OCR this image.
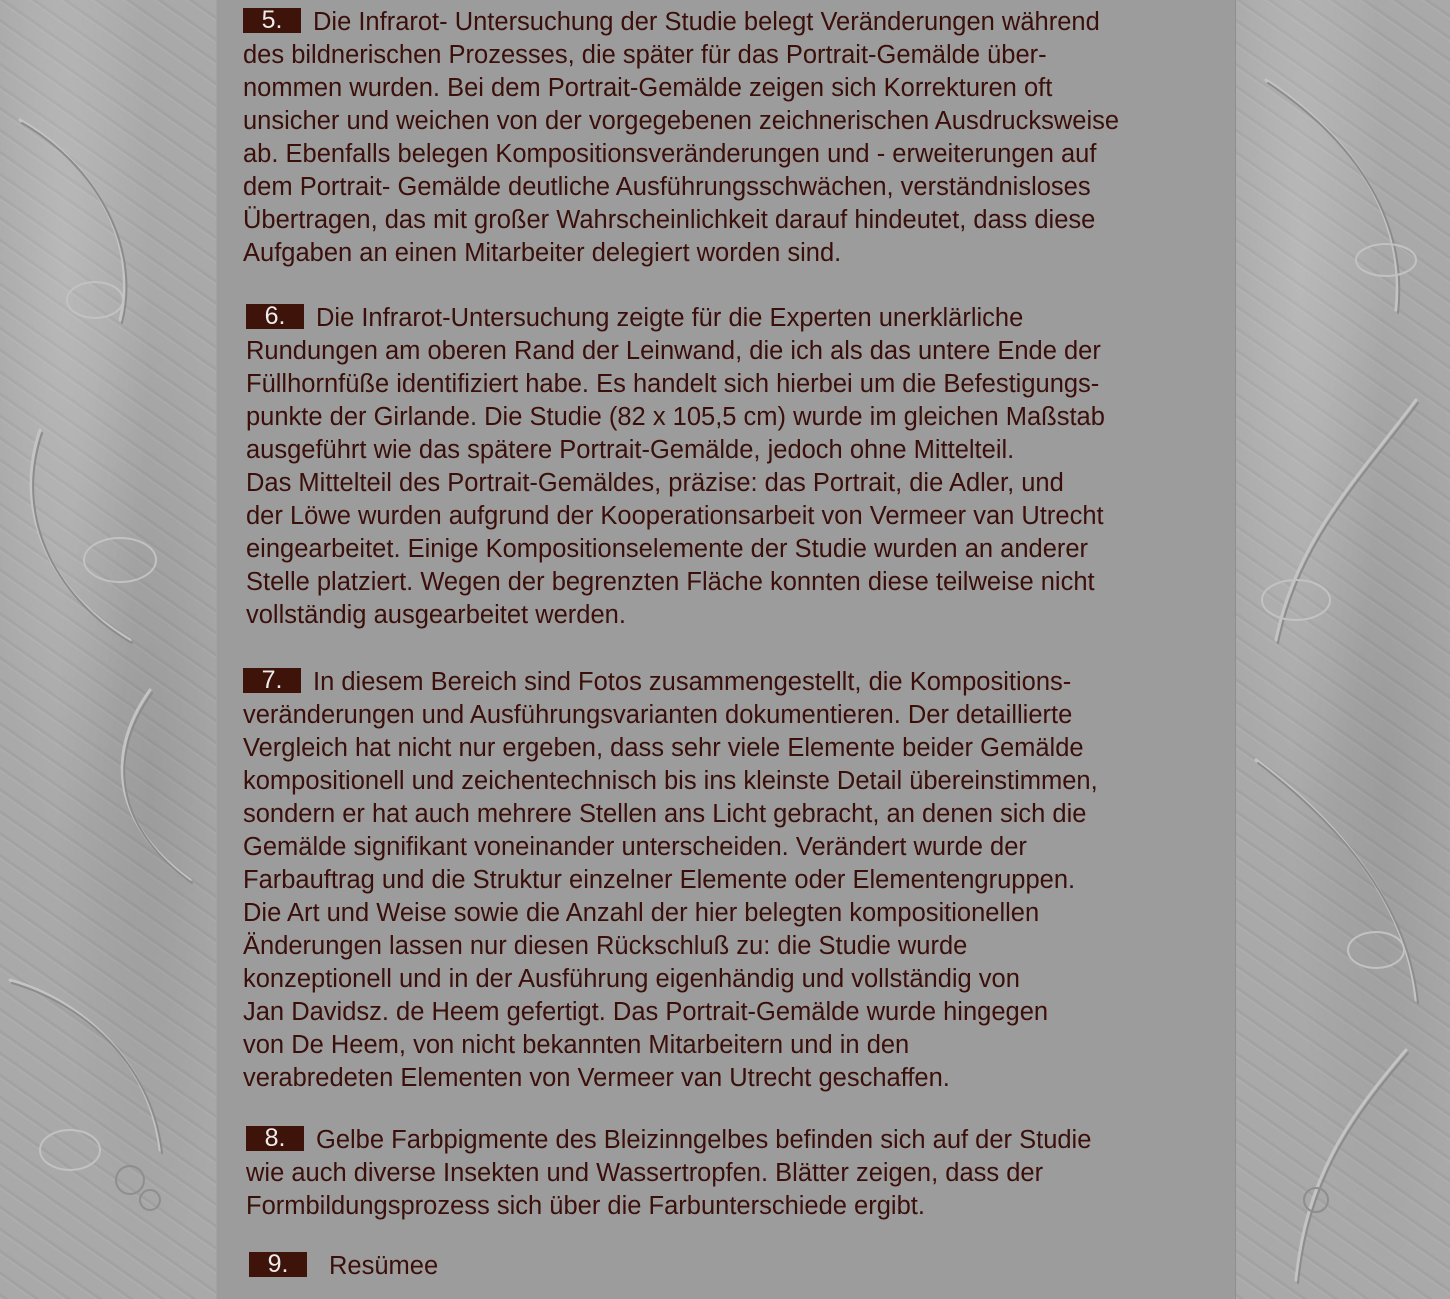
5. Die Infrarot- Untersuchung der Studie belegt Veränderungen während
des bildnerischen Prozesses, die später für das Portrait-Gemälde über-
nommen wurden. Bei dem Portrait-Gemälde zeigen sich Korrekturen oft
unsicher und weichen von der vorgegebenen zeichnerischen Ausdrucksweise
ab. Ebenfalls belegen Kompositionsveränderungen und - erweiterungen auf
dem Portrait- Gemälde deutliche Ausführungsschwächen, verständnisloses
Übertragen, das mit großer Wahrscheinlichkeit darauf hindeutet, dass diese
Aufgaben an einen Mitarbeiter delegiert worden sind.
6. Die Infrarot-Untersuchung zeigte für die Experten unerklärliche
Rundungen am oberen Rand der Leinwand, die ich als das untere Ende der
Füllhornfüße identifiziert habe. Es handelt sich hierbei um die Befestigungs-
punkte der Girlande. Die Studie (82 x 105,5 cm) wurde im gleichen Maßstab
ausgeführt wie das spätere Portrait-Gemälde, jedoch ohne Mittelteil.
Das Mittelteil des Portrait-Gemäldes, präzise: das Portrait, die Adler, und
der Löwe wurden aufgrund der Kooperationsarbeit von Vermeer van Utrecht
eingearbeitet. Einige Kompositionselemente der Studie wurden an anderer
Stelle platziert. Wegen der begrenzten Fläche konnten diese teilweise nicht
vollständig ausgearbeitet werden.
7. In diesem Bereich sind Fotos zusammengestellt, die Kompositions-
veränderungen und Ausführungsvarianten dokumentieren. Der detaillierte
Vergleich hat nicht nur ergeben, dass sehr viele Elemente beider Gemälde
kompositionell und zeichentechnisch bis ins kleinste Detail übereinstimmen,
sondern er hat auch mehrere Stellen ans Licht gebracht, an denen sich die
Gemälde signifikant voneinander unterscheiden. Verändert wurde der
Farbauftrag und die Struktur einzelner Elemente oder Elementengruppen.
Die Art und Weise sowie die Anzahl der hier belegten kompositionellen
Änderungen lassen nur diesen Rückschluß zu: die Studie wurde
konzeptionell und in der Ausführung eigenhändig und vollständig von
Jan Davidsz. de Heem gefertigt. Das Portrait-Gemälde wurde hingegen
von De Heem, von nicht bekannten Mitarbeitern und in den
verabredeten Elementen von Vermeer van Utrecht geschaffen.
8. Gelbe Farbpigmente des Bleizinngelbes befinden sich auf der Studie
wie auch diverse Insekten und Wassertropfen. Blätter zeigen, dass der
Formbildungsprozess sich über die Farbunterschiede ergibt.
9. Resümee
